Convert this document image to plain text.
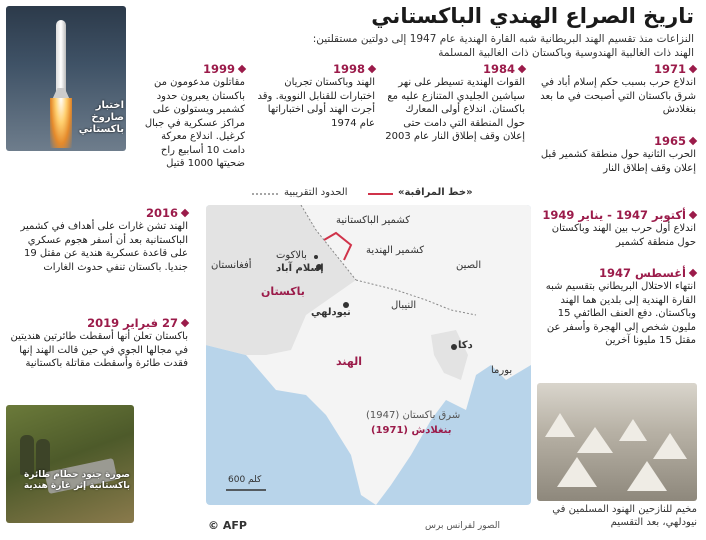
تاريخ الصراع الهندي الباكستاني
النزاعات منذ تقسيم الهند البريطانية شبه القارة الهندية عام 1947 إلى دولتين مستقلتين: الهند ذات الغالبية الهندوسية وباكستان ذات الغالبية المسلمة
اختبار صاروخ باكستاني
1999
مقاتلون مدعومون من باكستان يعبرون حدود كشمير ويستولون على مراكز عسكرية في جبال كرغيل. اندلاع معركة دامت 10 أسابيع راح ضحيتها 1000 قتيل
1998
الهند وباكستان تجريان اختبارات للقنابل النووية. وقد أجرت الهند أولى اختباراتها عام 1974
1984
القوات الهندية تسيطر على نهر سياشين الجليدي المتنازع عليه مع باكستان. اندلاع أولى المعارك حول المنطقة التي دامت حتى إعلان وقف إطلاق النار عام 2003
1971
اندلاع حرب بسبب حكم إسلام أباد في شرق باكستان التي أصبحت في ما بعد بنغلادش
1965
الحرب الثانية حول منطقة كشمير قبل إعلان وقف إطلاق النار
أكتوبر 1947 - يناير 1949
اندلاع أول حرب بين الهند وباكستان حول منطقة كشمير
أغسطس 1947
انتهاء الاحتلال البريطاني بتقسيم شبه القارة الهندية إلى بلدين هما الهند وباكستان. دفع العنف الطائفي 15 مليون شخص إلى الهجرة وأسفر عن مقتل 15 مليونا آخرين
2016
الهند تشن غارات على أهداف في كشمير الباكستانية بعد أن أسفر هجوم عسكري على قاعدة عسكرية هندية عن مقتل 19 جنديا. باكستان تنفي حدوث الغارات
27 فبراير 2019
باكستان تعلن أنها أسقطت طائرتين هنديتين في مجالها الجوي في حين قالت الهند إنها فقدت طائرة وأسقطت مقاتلة باكستانية
صورة جنود حطام طائرة باكستانية إثر غارة هندية
مخيم للنازحين الهنود المسلمين في نيودلهي، بعد التقسيم
الحدود التقريبية	«خط المراقبة»
كشمير الباكستانية
كشمير الهندية
بالاكوت
إسلام آباد
أفغانستان
باكستان
الصين
النيبال
نيودلهي
الهند
دكا
بورما
شرق باكستان (1947)
بنغلادش (1971)
600 كلم
© AFP	الصور لفرانس برس
